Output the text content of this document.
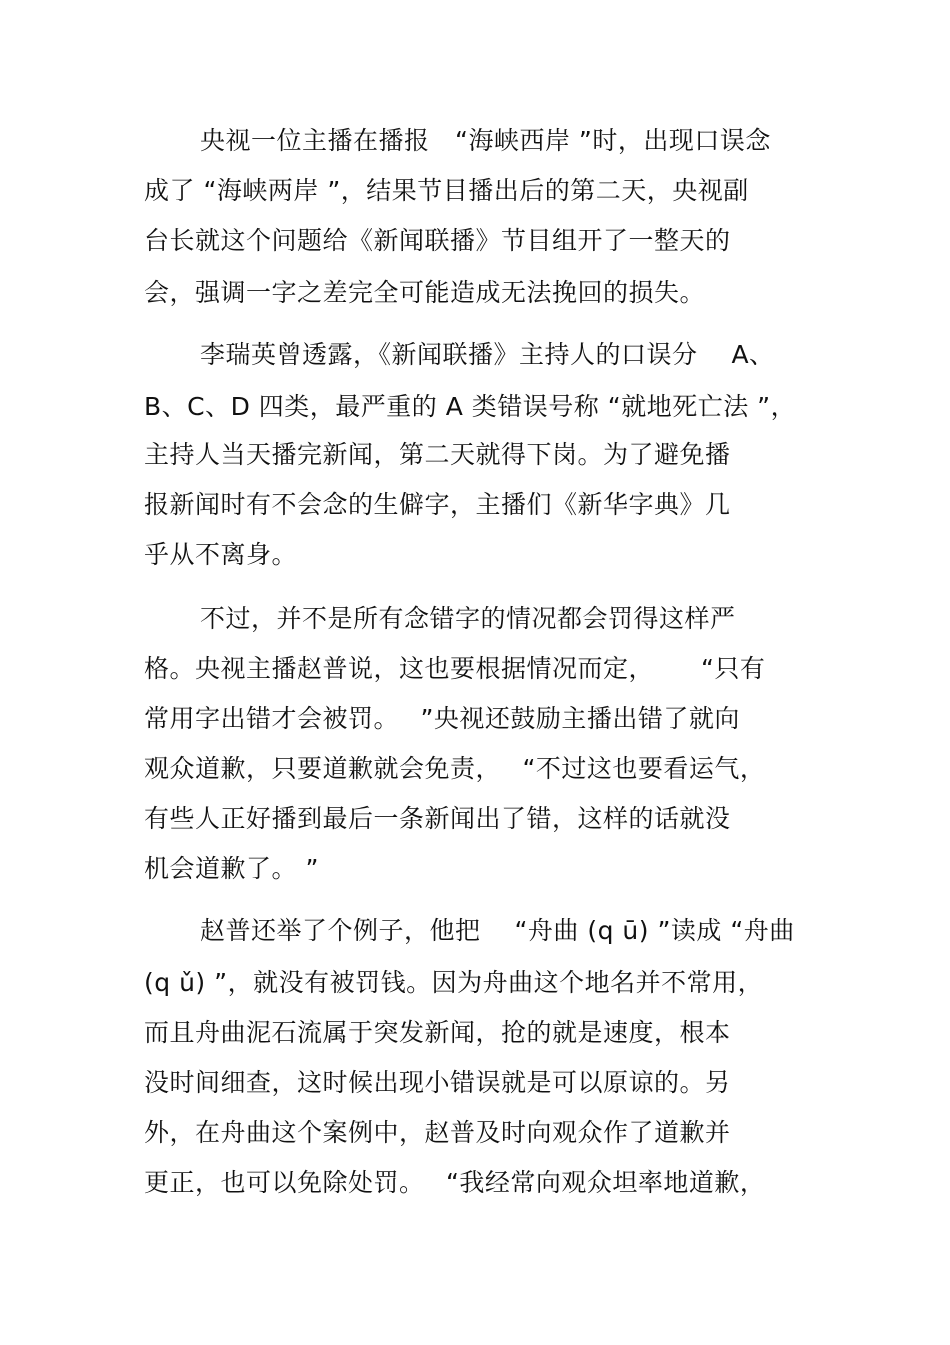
央视一位主播在播报　“海峡西岸 ”时，出现口误念
成了 “海峡两岸 ”，结果节目播出后的第二天，央视副
台长就这个问题给《新闻联播》节目组开了一整天的
会，强调一字之差完全可能造成无法挽回的损失。
李瑞英曾透露，《新闻联播》主持人的口误分　 A、
B、C、D 四类，最严重的 A 类错误号称 “就地死亡法 ”，
主持人当天播完新闻，第二天就得下岗。为了避免播
报新闻时有不会念的生僻字，主播们《新华字典》几
乎从不离身。
不过，并不是所有念错字的情况都会罚得这样严
格。央视主播赵普说，这也要根据情况而定，　　 “只有
常用字出错才会被罚。　 ”央视还鼓励主播出错了就向
观众道歉，只要道歉就会免责，　 “不过这也要看运气，
有些人正好播到最后一条新闻出了错，这样的话就没
机会道歉了。 ”
赵普还举了个例子，他把　 “舟曲 (q ū) ”读成 “舟曲
(q ǔ) ”，就没有被罚钱。因为舟曲这个地名并不常用，
而且舟曲泥石流属于突发新闻，抢的就是速度，根本
没时间细查，这时候出现小错误就是可以原谅的。另
外，在舟曲这个案例中，赵普及时向观众作了道歉并
更正，也可以免除处罚。　 “我经常向观众坦率地道歉，
